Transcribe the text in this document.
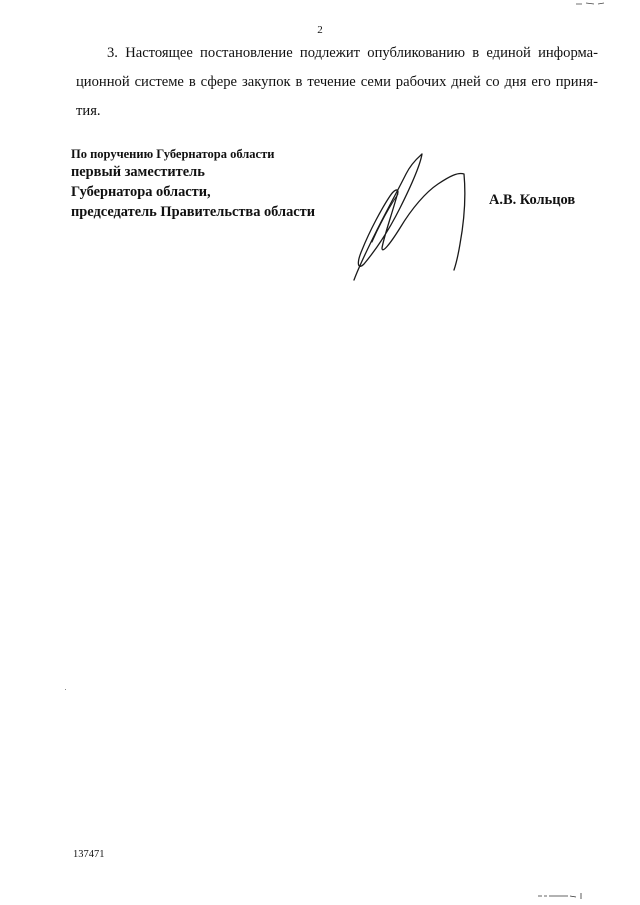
2
3. Настоящее постановление подлежит опубликованию в единой информа-
ционной системе в сфере закупок в течение семи рабочих дней со дня его приня-
тия.
По поручению Губернатора области
первый заместитель
Губернатора области,
председатель Правительства области
А.В. Кольцов
137471
